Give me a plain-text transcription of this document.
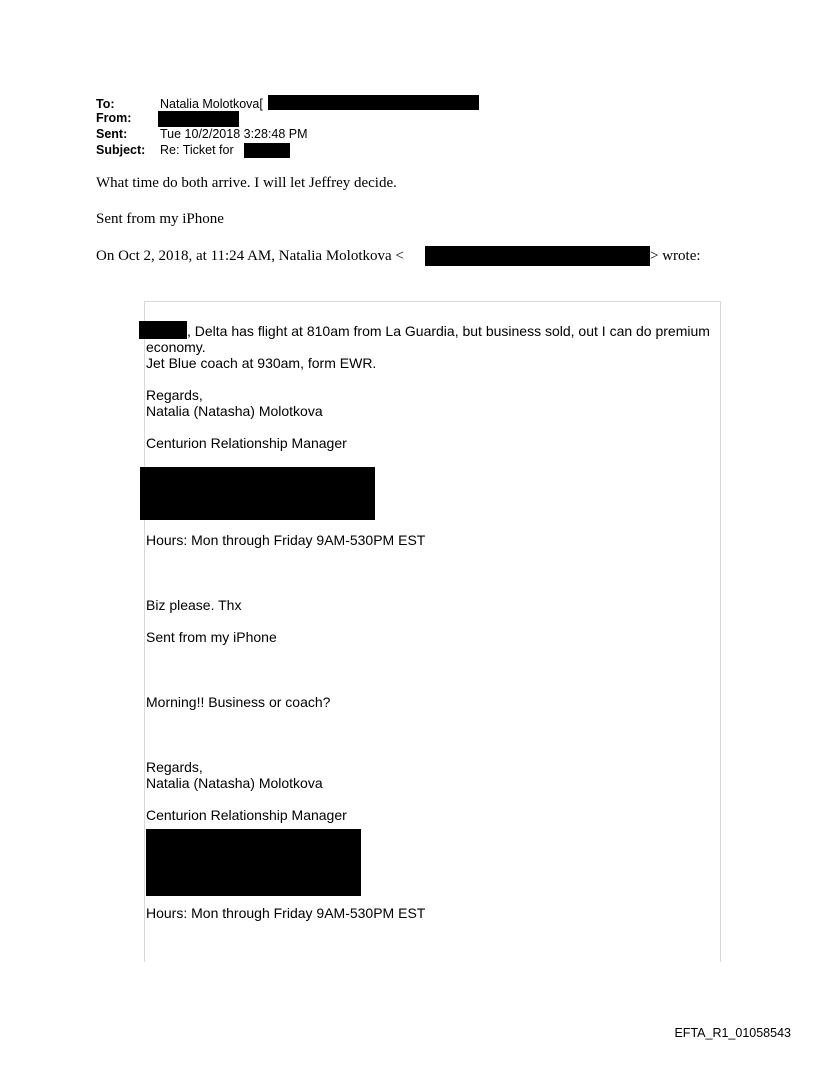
To:	Natalia Molotkova[
From:
Sent:	Tue 10/2/2018 3:28:48 PM
Subject: Re: Ticket for
What time do both arrive. I will let Jeffrey decide.
Sent from my iPhone
On Oct 2, 2018, at 11:24 AM, Natalia Molotkova <	> wrote:
, Delta has flight at 810am from La Guardia, but business sold, out I can do premium
economy.
Jet Blue coach at 930am, form EWR.
Regards,
Natalia (Natasha) Molotkova
Centurion Relationship Manager
Hours: Mon through Friday 9AM-530PM EST
Biz please. Thx
Sent from my iPhone
Morning!! Business or coach?
Regards,
Natalia (Natasha) Molotkova
Centurion Relationship Manager
Hours: Mon through Friday 9AM-530PM EST
EFTA_R1_01058543
